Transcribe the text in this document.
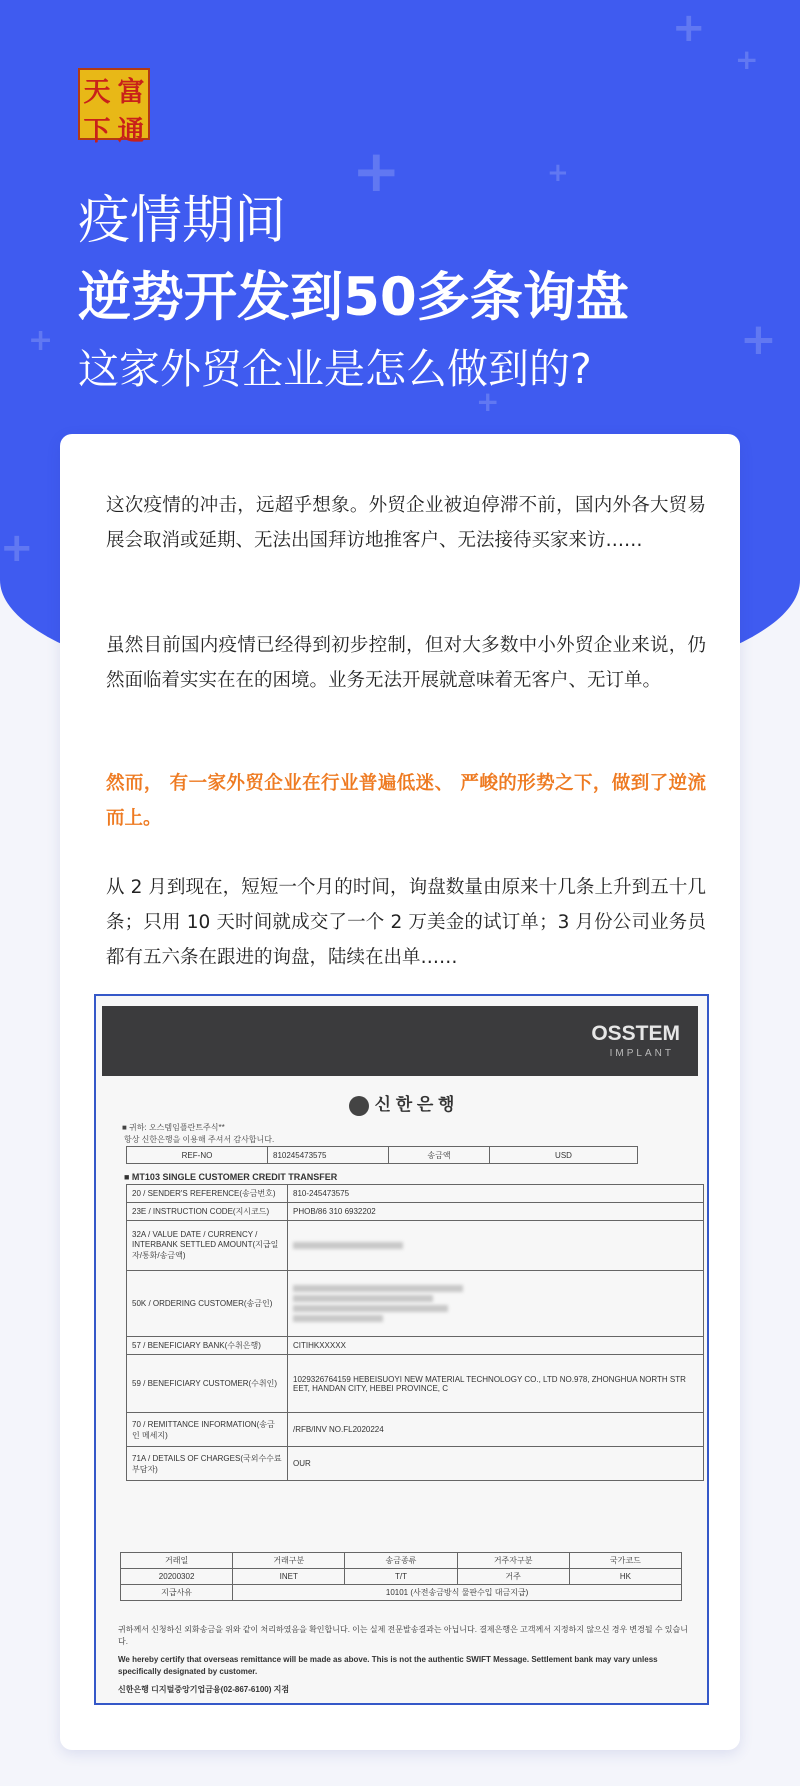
+
+
+	+
+
+
+
+
天 富
下 通
疫情期间
逆势开发到50多条询盘
这家外贸企业是怎么做到的?

这次疫情的冲击，远超乎想象。外贸企业被迫停滞不前，国内外各大贸易展会取消或延期、无法出国拜访地推客户、无法接待买家来访……

虽然目前国内疫情已经得到初步控制，但对大多数中小外贸企业来说，仍然面临着实实在在的困境。业务无法开展就意味着无客户、无订单。

然而， 有一家外贸企业在行业普遍低迷、 严峻的形势之下，做到了逆流而上。

从 2 月到现在，短短一个月的时间，询盘数量由原来十几条上升到五十几条；只用 10 天时间就成交了一个 2 万美金的试订单；3 月份公司业务员都有五六条在跟进的询盘，陆续在出单……

OSSTEM
IMPLANT
신 한 은 행
■ 귀하: 오스템임플란트주식**
항상 신한은행을 이용해 주셔서 감사합니다.
REF-NO	810245473575	송금액	USD
■ MT103 SINGLE CUSTOMER CREDIT TRANSFER
20 / SENDER'S REFERENCE(송금번호)	810-245473575
23E / INSTRUCTION CODE(지시코드)	PHOB/86 310 6932202
32A / VALUE DATE / CURRENCY / INTERBANK SETTLED AMOUNT(지급일자/통화/송금액)	

50K / ORDERING CUSTOMER(송금인)	

57 / BENEFICIARY BANK(수취은행)	CITIHKXXXXX
59 / BENEFICIARY CUSTOMER(수취인)	1029326764159 HEBEISUOYI NEW MATERIAL TECHNOLOGY CO., LTD NO.978, ZHONGHUA NORTH STR EET, HANDAN CITY, HEBEI PROVINCE, C
70 / REMITTANCE INFORMATION(송금인 메세지)	/RFB/INV NO.FL2020224
71A / DETAILS OF CHARGES(국외수수료 부담자)	OUR
거래일	거래구분	송금종류	거주자구분	국가코드
20200302	INET	T/T	거주	HK
지급사유	10101 (사전송금방식 물판수입 대금지급)			
귀하께서 신청하신 외화송금을 위와 같이 처리하였음을 확인합니다. 이는 실제 전문발송결과는 아닙니다. 결제은행은 고객께서 지정하지 않으신 경우 변경될 수 있습니다.
We hereby certify that overseas remittance will be made as above. This is not the authentic SWIFT Message. Settlement bank may vary unless specifically designated by customer.
신한은행 디지털중앙기업금융(02-867-6100) 지점
